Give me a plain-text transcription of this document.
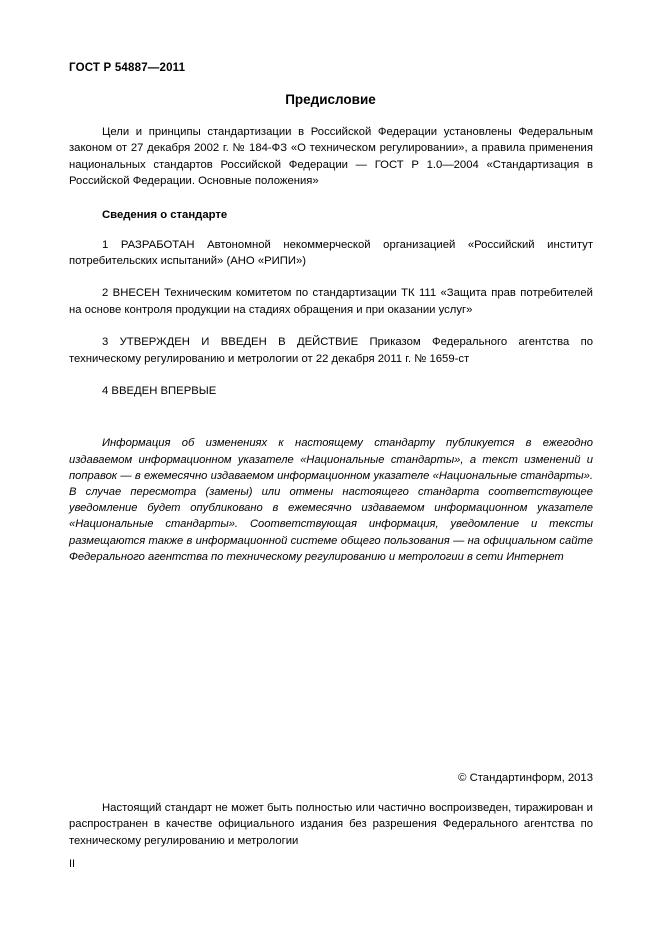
ГОСТ Р 54887—2011
Предисловие

Цели и принципы стандартизации в Российской Федерации установлены Федеральным законом от 27 декабря 2002 г. № 184-ФЗ «О техническом регулировании», а правила применения национальных стандартов Российской Федерации — ГОСТ Р 1.0—2004 «Стандартизация в Российской Федерации. Основные положения»

Сведения о стандарте

1 РАЗРАБОТАН Автономной некоммерческой организацией «Российский институт потребительских испытаний» (АНО «РИПИ»)

2 ВНЕСЕН Техническим комитетом по стандартизации ТК 111 «Защита прав потребителей на основе контроля продукции на стадиях обращения и при оказании услуг»

3 УТВЕРЖДЕН И ВВЕДЕН В ДЕЙСТВИЕ Приказом Федерального агентства по техническому регулированию и метрологии от 22 декабря 2011 г. № 1659-ст

4 ВВЕДЕН ВПЕРВЫЕ

Информация об изменениях к настоящему стандарту публикуется в ежегодно издаваемом информационном указателе «Национальные стандарты», а текст изменений и поправок — в ежемесячно издаваемом информационном указателе «Национальные стандарты». В случае пересмотра (замены) или отмены настоящего стандарта соответствующее уведомление будет опубликовано в ежемесячно издаваемом информационном указателе «Национальные стандарты». Соответствующая информация, уведомление и тексты размещаются также в информационной системе общего пользования — на официальном сайте Федерального агентства по техническому регулированию и метрологии в сети Интернет

© Стандартинформ, 2013
Настоящий стандарт не может быть полностью или частично воспроизведен, тиражирован и распространен в качестве официального издания без разрешения Федерального агентства по техническому регулированию и метрологии
II
